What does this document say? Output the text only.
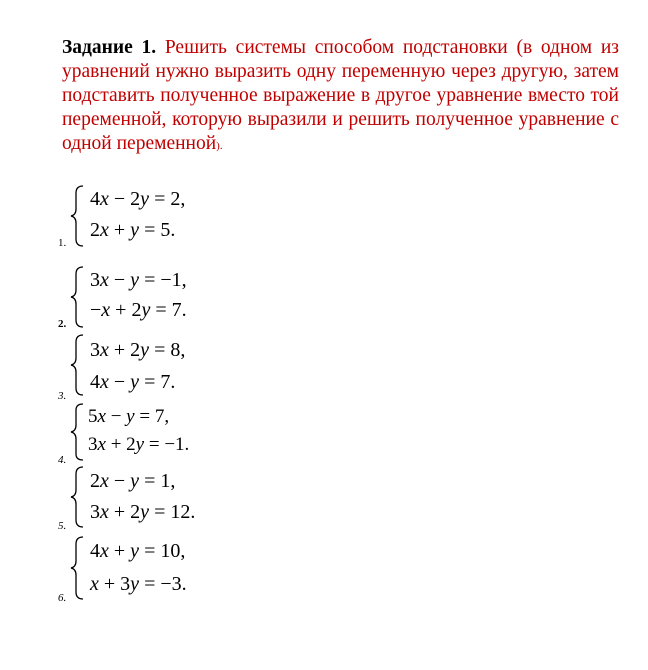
Задание 1. Решить системы способом подстановки (в одном из уравнений нужно выразить одну переменную через другую, затем подставить полученное выражение в другое уравнение вместо той переменной, которую выразили и решить полученное уравнение с одной переменной).

4x − 2y = 2,
2x + y = 5.
1.
3x − y = −1,
−x + 2y = 7.
2.
3x + 2y = 8,
4x − y = 7.
3.
5x − y = 7,
3x + 2y = −1.
4.
2x − y = 1,
3x + 2y = 12.
5.
4x + y = 10,
x + 3y = −3.
6.
